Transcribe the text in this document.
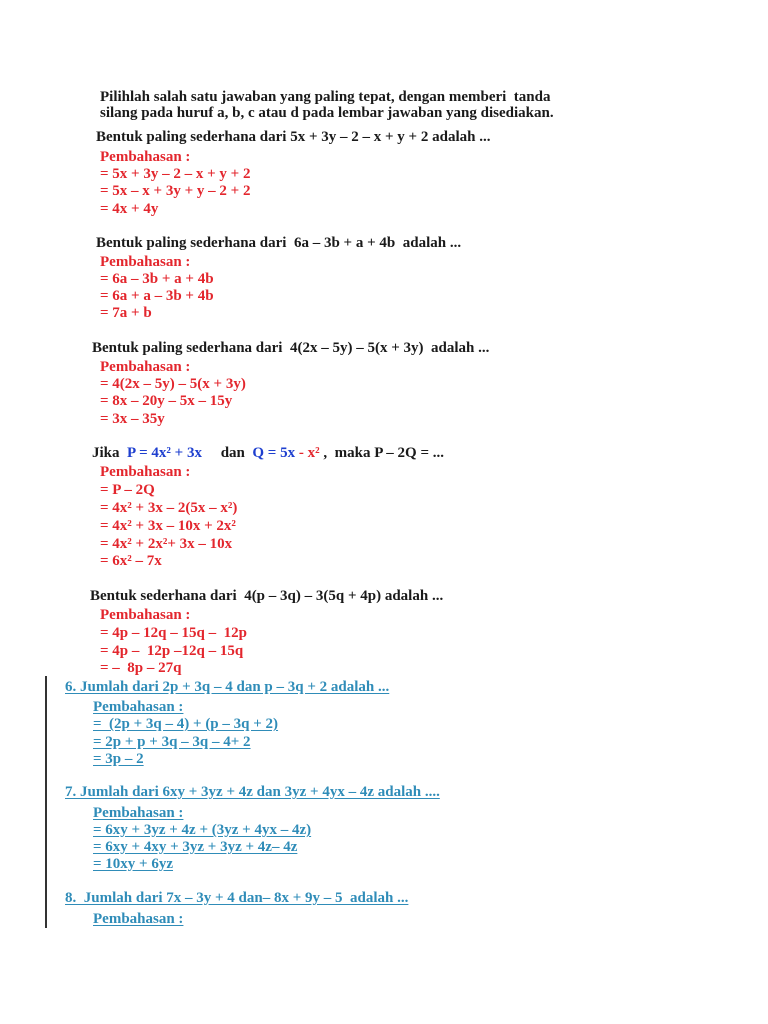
Pilihlah salah satu jawaban yang paling tepat, dengan memberi  tanda
silang pada huruf a, b, c atau d pada lembar jawaban yang disediakan.
Bentuk paling sederhana dari 5x + 3y – 2 – x + y + 2 adalah ...
Pembahasan :
= 5x + 3y – 2 – x + y + 2
= 5x – x + 3y + y – 2 + 2
= 4x + 4y
Bentuk paling sederhana dari  6a – 3b + a + 4b  adalah ...
Pembahasan :
= 6a – 3b + a + 4b
= 6a + a – 3b + 4b
= 7a + b
Bentuk paling sederhana dari  4(2x – 5y) – 5(x + 3y)  adalah ...
Pembahasan :
= 4(2x – 5y) – 5(x + 3y)
= 8x – 20y – 5x – 15y
= 3x – 35y
Jika  P = 4x² + 3x     dan  Q = 5x - x² ,  maka P – 2Q = ...
Pembahasan :
= P – 2Q
= 4x² + 3x – 2(5x – x²)
= 4x² + 3x – 10x + 2x²
= 4x² + 2x²+ 3x – 10x
= 6x² – 7x
Bentuk sederhana dari  4(p – 3q) – 3(5q + 4p) adalah ...
Pembahasan :
= 4p – 12q – 15q –  12p
= 4p –  12p –12q – 15q
= –  8p – 27q
6. Jumlah dari 2p + 3q – 4 dan p – 3q + 2 adalah ...
Pembahasan :
=  (2p + 3q – 4) + (p – 3q + 2)
= 2p + p + 3q – 3q – 4+ 2
= 3p – 2
7. Jumlah dari 6xy + 3yz + 4z dan 3yz + 4yx – 4z adalah ....
Pembahasan :
= 6xy + 3yz + 4z + (3yz + 4yx – 4z)
= 6xy + 4xy + 3yz + 3yz + 4z– 4z
= 10xy + 6yz
8.  Jumlah dari 7x – 3y + 4 dan– 8x + 9y – 5  adalah ...
Pembahasan :
